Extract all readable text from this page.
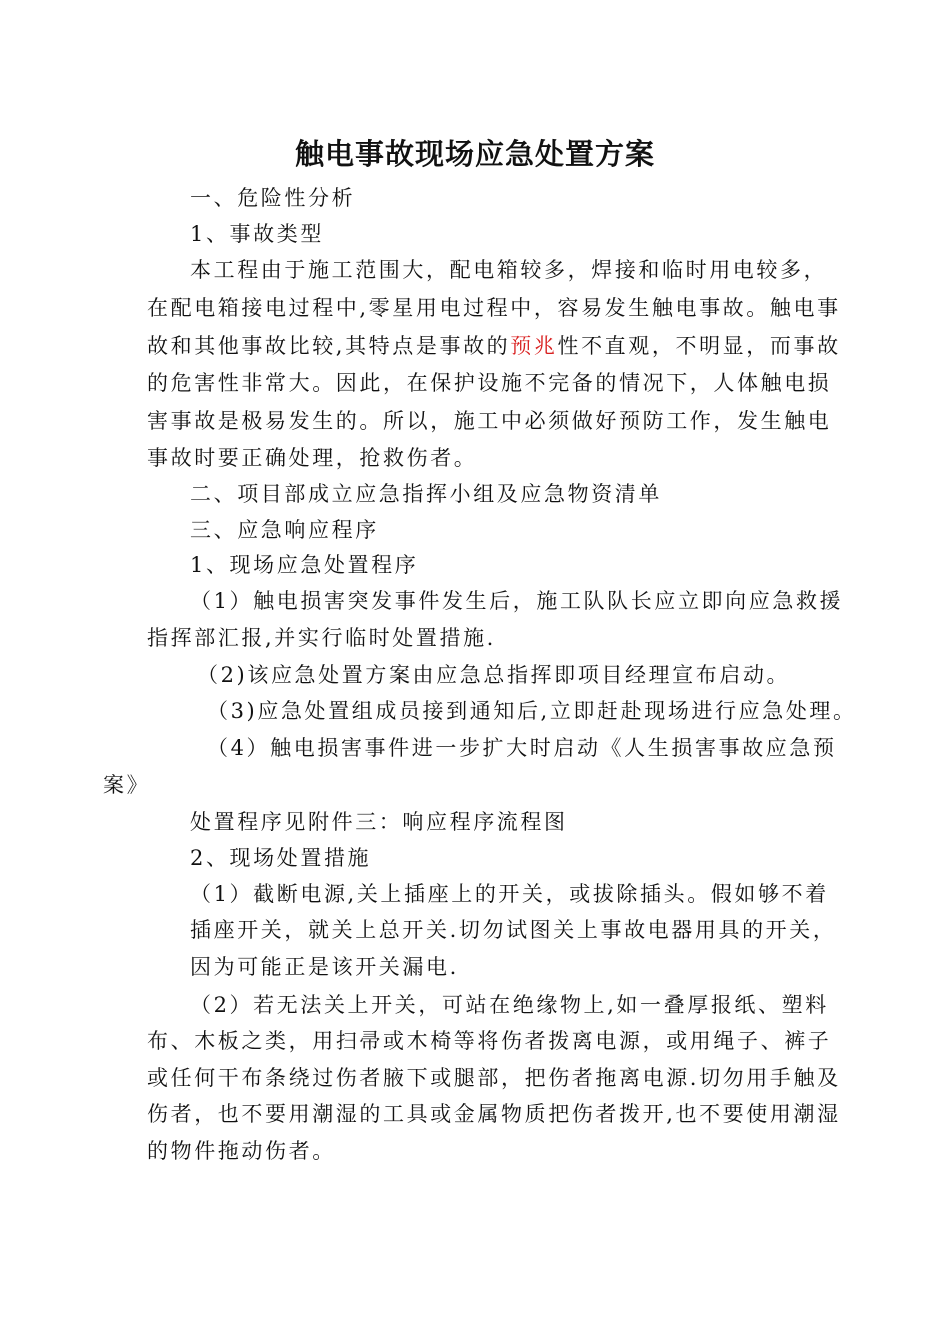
触电事故现场应急处置方案
一、危险性分析
1、事故类型
本工程由于施工范围大，配电箱较多，焊接和临时用电较多，
在配电箱接电过程中,零星用电过程中，容易发生触电事故。触电事
故和其他事故比较,其特点是事故的预兆性不直观，不明显，而事故
的危害性非常大。因此，在保护设施不完备的情况下，人体触电损
害事故是极易发生的。所以，施工中必须做好预防工作，发生触电
事故时要正确处理，抢救伤者。
二、项目部成立应急指挥小组及应急物资清单
三、应急响应程序
1、现场应急处置程序
（1）触电损害突发事件发生后，施工队队长应立即向应急救援
指挥部汇报,并实行临时处置措施.
（2)该应急处置方案由应急总指挥即项目经理宣布启动。
（3)应急处置组成员接到通知后,立即赶赴现场进行应急处理。
（4）触电损害事件进一步扩大时启动《人生损害事故应急预
案》
处置程序见附件三：响应程序流程图
2、现场处置措施
（1）截断电源,关上插座上的开关，或拔除插头。假如够不着
插座开关，就关上总开关.切勿试图关上事故电器用具的开关，
因为可能正是该开关漏电.
（2）若无法关上开关，可站在绝缘物上,如一叠厚报纸、塑料
布、木板之类，用扫帚或木椅等将伤者拨离电源，或用绳子、裤子
或任何干布条绕过伤者腋下或腿部，把伤者拖离电源.切勿用手触及
伤者，也不要用潮湿的工具或金属物质把伤者拨开,也不要使用潮湿
的物件拖动伤者。
